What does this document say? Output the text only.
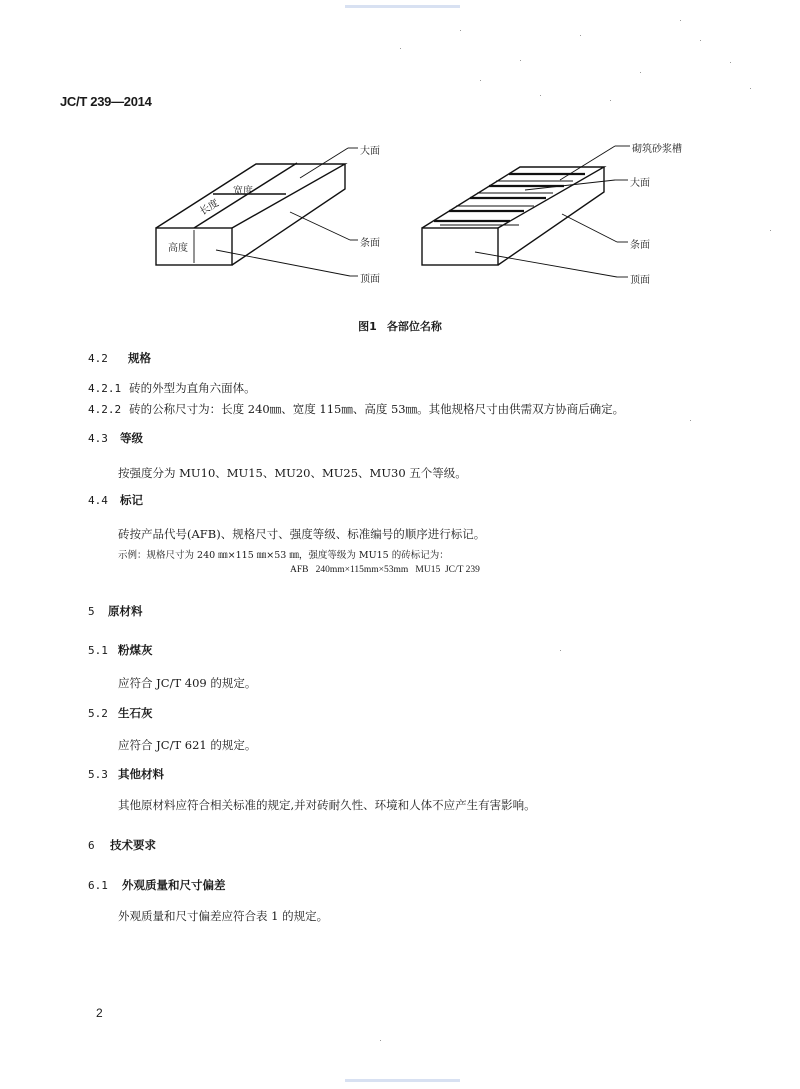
JC/T 239—2014
大面
宽度
长度
高度	条面
顶面
砌筑砂浆槽
大面
条面
顶面
图1 各部位名称
4.2 规格
4.2.1 砖的外型为直角六面体。
4.2.2 砖的公称尺寸为：长度 240㎜、宽度 115㎜、高度 53㎜。其他规格尺寸由供需双方协商后确定。
4.3 等级
按强度分为 MU10、MU15、MU20、MU25、MU30 五个等级。
4.4 标记
砖按产品代号(AFB)、规格尺寸、强度等级、标准编号的顺序进行标记。
示例：规格尺寸为 240 ㎜×115 ㎜×53 ㎜，强度等级为 MU15 的砖标记为：
AFB   240mm×115mm×53mm   MU15  JC/T 239
5 原材料
5.1 粉煤灰
应符合 JC/T 409 的规定。
5.2 生石灰
应符合 JC/T 621 的规定。
5.3 其他材料
其他原材料应符合相关标准的规定,并对砖耐久性、环境和人体不应产生有害影响。
6 技术要求
6.1 外观质量和尺寸偏差
外观质量和尺寸偏差应符合表 1 的规定。
2
